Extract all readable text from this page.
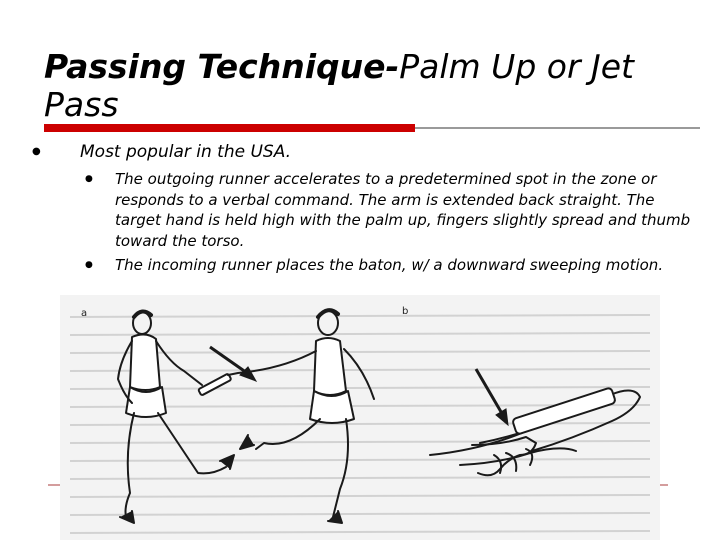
Passing Technique-Palm Up or Jet Pass
● Most popular in the USA.
● The outgoing runner accelerates to a predetermined spot in the zone or responds to a verbal command. The arm is extended back straight. The target hand is held high with the palm up, fingers slightly spread and thumb toward the torso.
● The incoming runner places the baton, w/ a downward sweeping motion.
a	b
